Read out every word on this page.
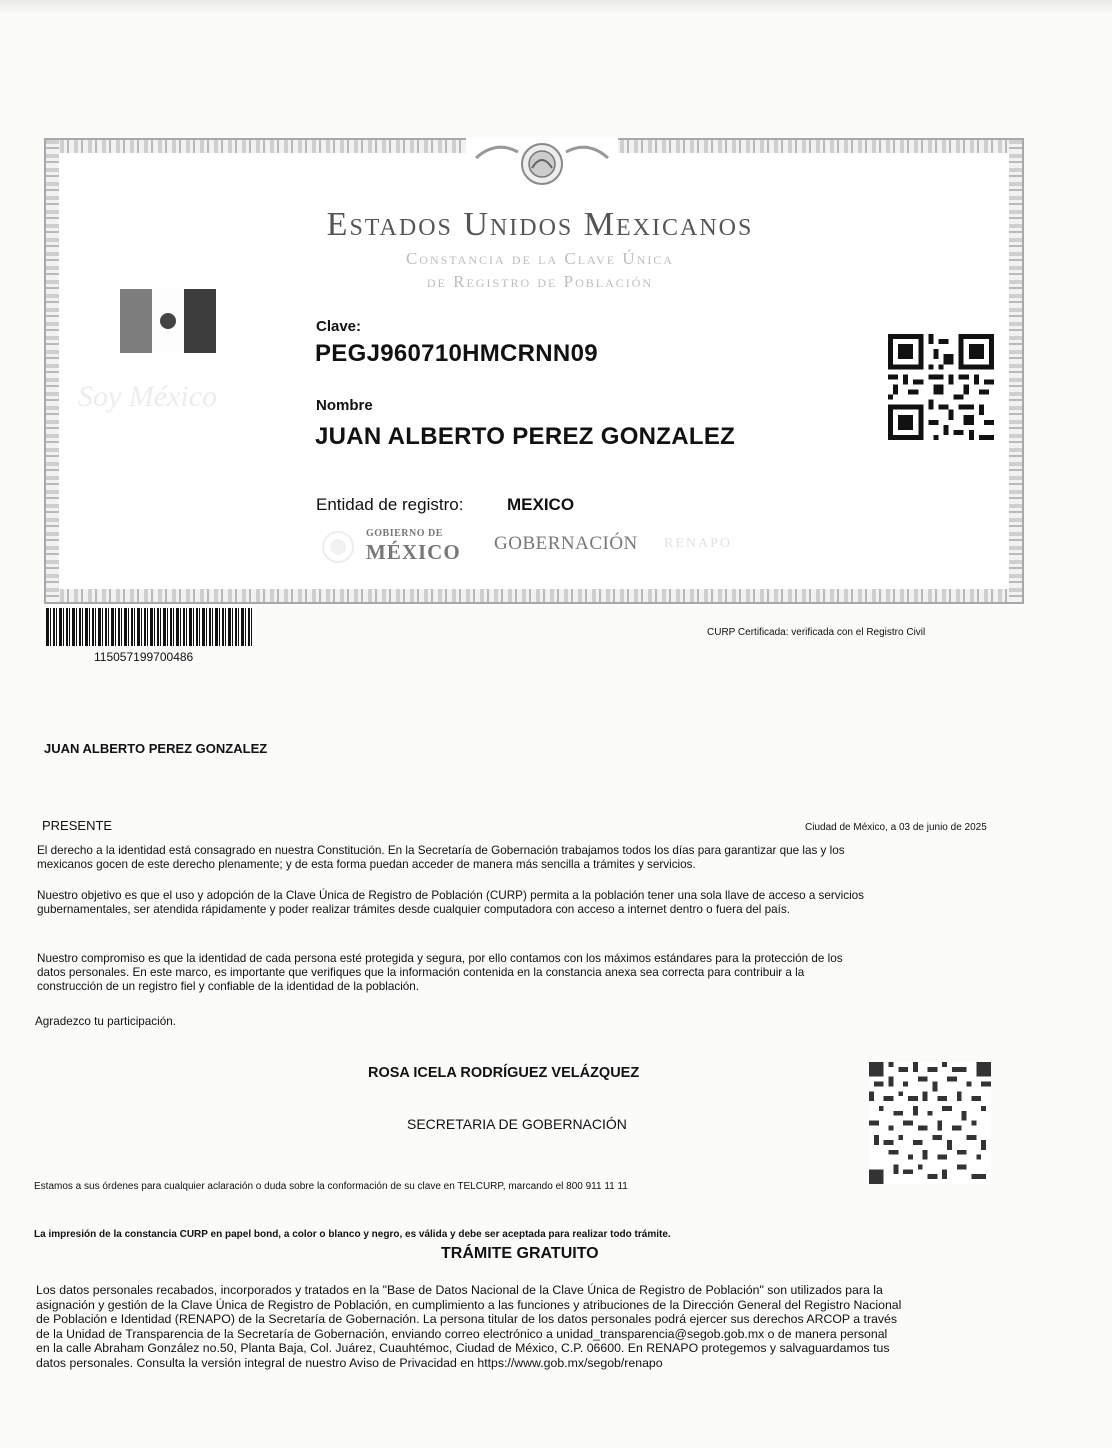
Estados Unidos Mexicanos
Constancia de la Clave Única
de Registro de Población
Soy México
Clave:
PEGJ960710HMCRNN09
Nombre
JUAN ALBERTO PEREZ GONZALEZ
Entidad de registro:	MEXICO
GOBIERNO DE
MÉXICO GOBERNACIÓN RENAPO
115057199700486
CURP Certificada: verificada con el Registro Civil
JUAN ALBERTO PEREZ GONZALEZ
PRESENTE	Ciudad de México, a 03 de junio de 2025
El derecho a la identidad está consagrado en nuestra Constitución. En la Secretaría de Gobernación trabajamos todos los días para garantizar que las y los
mexicanos gocen de este derecho plenamente; y de esta forma puedan acceder de manera más sencilla a trámites y servicios.
Nuestro objetivo es que el uso y adopción de la Clave Única de Registro de Población (CURP) permita a la población tener una sola llave de acceso a servicios
gubernamentales, ser atendida rápidamente y poder realizar trámites desde cualquier computadora con acceso a internet dentro o fuera del país.
Nuestro compromiso es que la identidad de cada persona esté protegida y segura, por ello contamos con los máximos estándares para la protección de los
datos personales. En este marco, es importante que verifiques que la información contenida en la constancia anexa sea correcta para contribuir a la
construcción de un registro fiel y confiable de la identidad de la población.
Agradezco tu participación.
ROSA ICELA RODRÍGUEZ VELÁZQUEZ
SECRETARIA DE GOBERNACIÓN
Estamos a sus órdenes para cualquier aclaración o duda sobre la conformación de su clave en TELCURP, marcando el 800 911 11 11
La impresión de la constancia CURP en papel bond, a color o blanco y negro, es válida y debe ser aceptada para realizar todo trámite.
TRÁMITE GRATUITO
Los datos personales recabados, incorporados y tratados en la "Base de Datos Nacional de la Clave Única de Registro de Población" son utilizados para la
asignación y gestión de la Clave Única de Registro de Población, en cumplimiento a las funciones y atribuciones de la Dirección General del Registro Nacional
de Población e Identidad (RENAPO) de la Secretaría de Gobernación. La persona titular de los datos personales podrá ejercer sus derechos ARCOP a través
de la Unidad de Transparencia de la Secretaría de Gobernación, enviando correo electrónico a unidad_transparencia@segob.gob.mx o de manera personal
en la calle Abraham González no.50, Planta Baja, Col. Juárez, Cuauhtémoc, Ciudad de México, C.P. 06600. En RENAPO protegemos y salvaguardamos tus
datos personales. Consulta la versión integral de nuestro Aviso de Privacidad en https://www.gob.mx/segob/renapo
